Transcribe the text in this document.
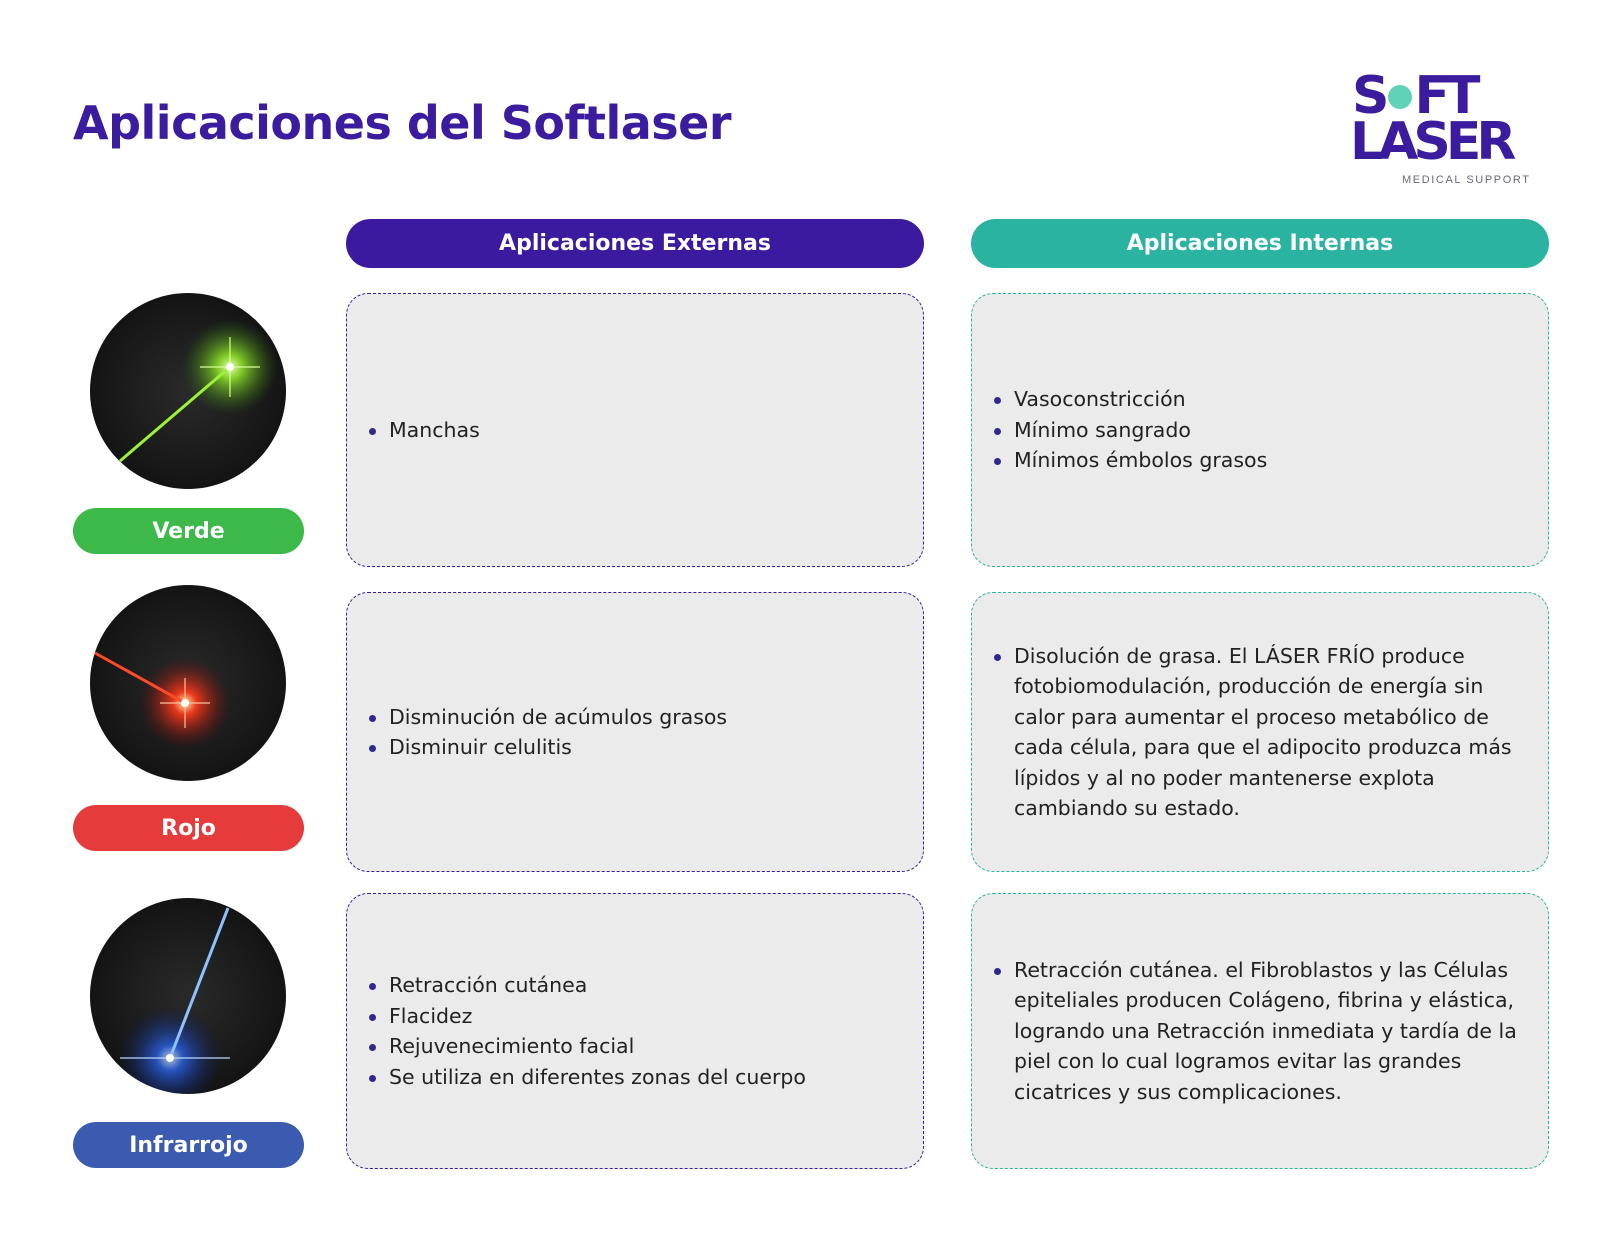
Aplicaciones del Softlaser	S FT
LASER
MEDICAL SUPPORT
Aplicaciones Externas	Aplicaciones Internas
Verde
Manchas
Vasoconstricción
Mínimo sangrado
Mínimos émbolos grasos
Rojo
Disminución de acúmulos grasos
Disminuir celulitis
Disolución de grasa. El LÁSER FRÍO produce fotobiomodulación, producción de energía sin calor para aumentar el proceso metabólico de cada célula, para que el adipocito produzca más lípidos y al no poder mantenerse explota cambiando su estado.
Infrarrojo
Retracción cutánea
Flacidez
Rejuvenecimiento facial
Se utiliza en diferentes zonas del cuerpo
Retracción cutánea. el Fibroblastos y las Células epiteliales producen Colágeno, fibrina y elástica, logrando una Retracción inmediata y tardía de la piel con lo cual logramos evitar las grandes cicatrices y sus complicaciones.
